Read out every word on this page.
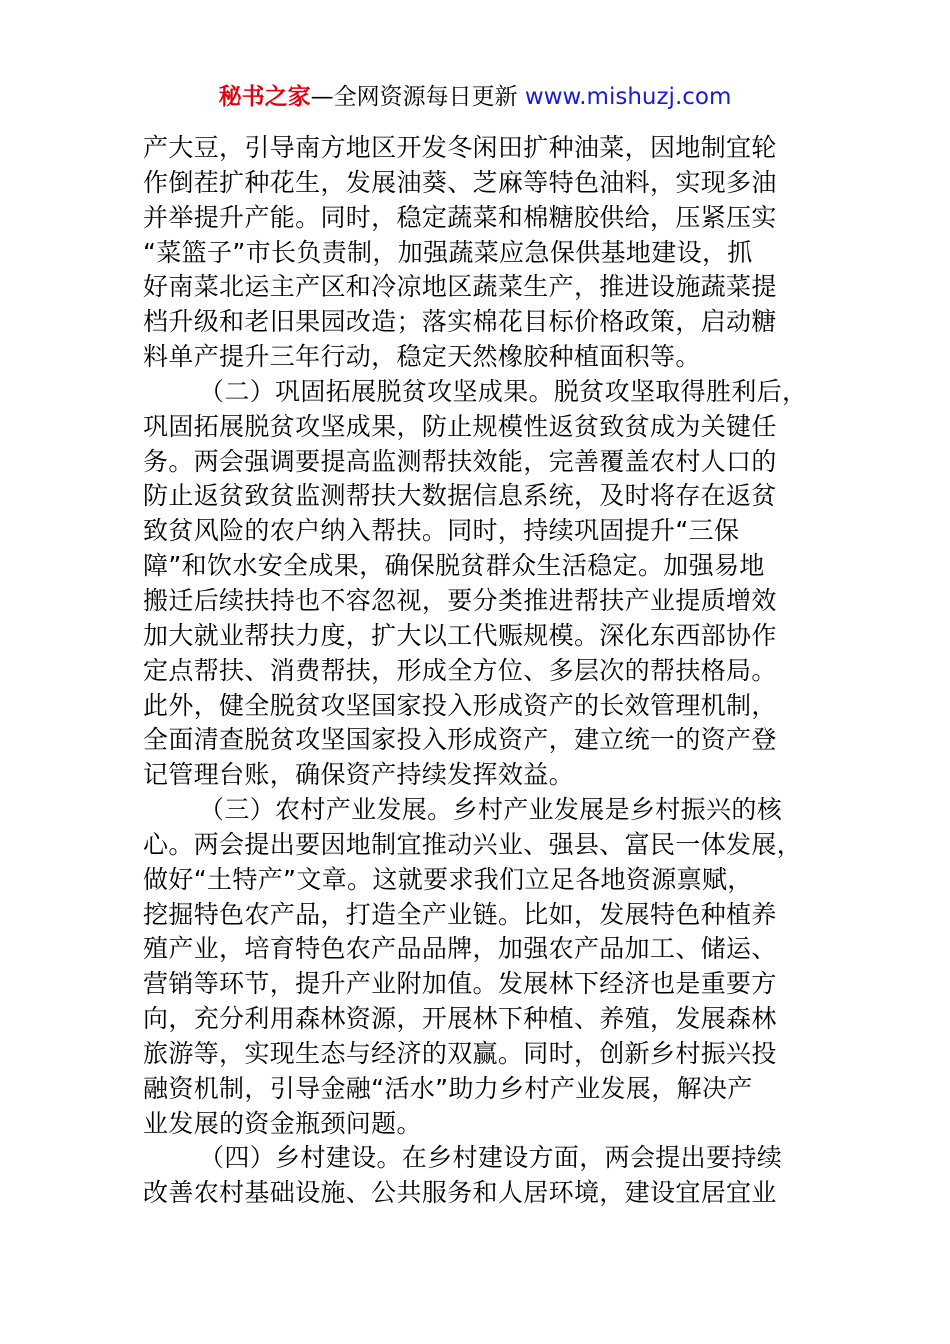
秘书之家—全网资源每日更新 www.mishuzj.com
产大豆，引导南方地区开发冬闲田扩种油菜，因地制宜轮
作倒茬扩种花生，发展油葵、芝麻等特色油料，实现多油
并举提升产能。同时，稳定蔬菜和棉糖胶供给，压紧压实
“菜篮子”市长负责制，加强蔬菜应急保供基地建设，抓
好南菜北运主产区和冷凉地区蔬菜生产，推进设施蔬菜提
档升级和老旧果园改造；落实棉花目标价格政策，启动糖
料单产提升三年行动，稳定天然橡胶种植面积等。
（二）巩固拓展脱贫攻坚成果。脱贫攻坚取得胜利后，
巩固拓展脱贫攻坚成果，防止规模性返贫致贫成为关键任
务。两会强调要提高监测帮扶效能，完善覆盖农村人口的
防止返贫致贫监测帮扶大数据信息系统，及时将存在返贫
致贫风险的农户纳入帮扶。同时，持续巩固提升“三保
障”和饮水安全成果，确保脱贫群众生活稳定。加强易地
搬迁后续扶持也不容忽视，要分类推进帮扶产业提质增效
加大就业帮扶力度，扩大以工代赈规模。深化东西部协作
定点帮扶、消费帮扶，形成全方位、多层次的帮扶格局。
此外，健全脱贫攻坚国家投入形成资产的长效管理机制，
全面清查脱贫攻坚国家投入形成资产，建立统一的资产登
记管理台账，确保资产持续发挥效益。
（三）农村产业发展。乡村产业发展是乡村振兴的核
心。两会提出要因地制宜推动兴业、强县、富民一体发展，
做好“土特产”文章。这就要求我们立足各地资源禀赋，
挖掘特色农产品，打造全产业链。比如，发展特色种植养
殖产业，培育特色农产品品牌，加强农产品加工、储运、
营销等环节，提升产业附加值。发展林下经济也是重要方
向，充分利用森林资源，开展林下种植、养殖，发展森林
旅游等，实现生态与经济的双赢。同时，创新乡村振兴投
融资机制，引导金融“活水”助力乡村产业发展，解决产
业发展的资金瓶颈问题。
（四）乡村建设。在乡村建设方面，两会提出要持续
改善农村基础设施、公共服务和人居环境，建设宜居宜业
